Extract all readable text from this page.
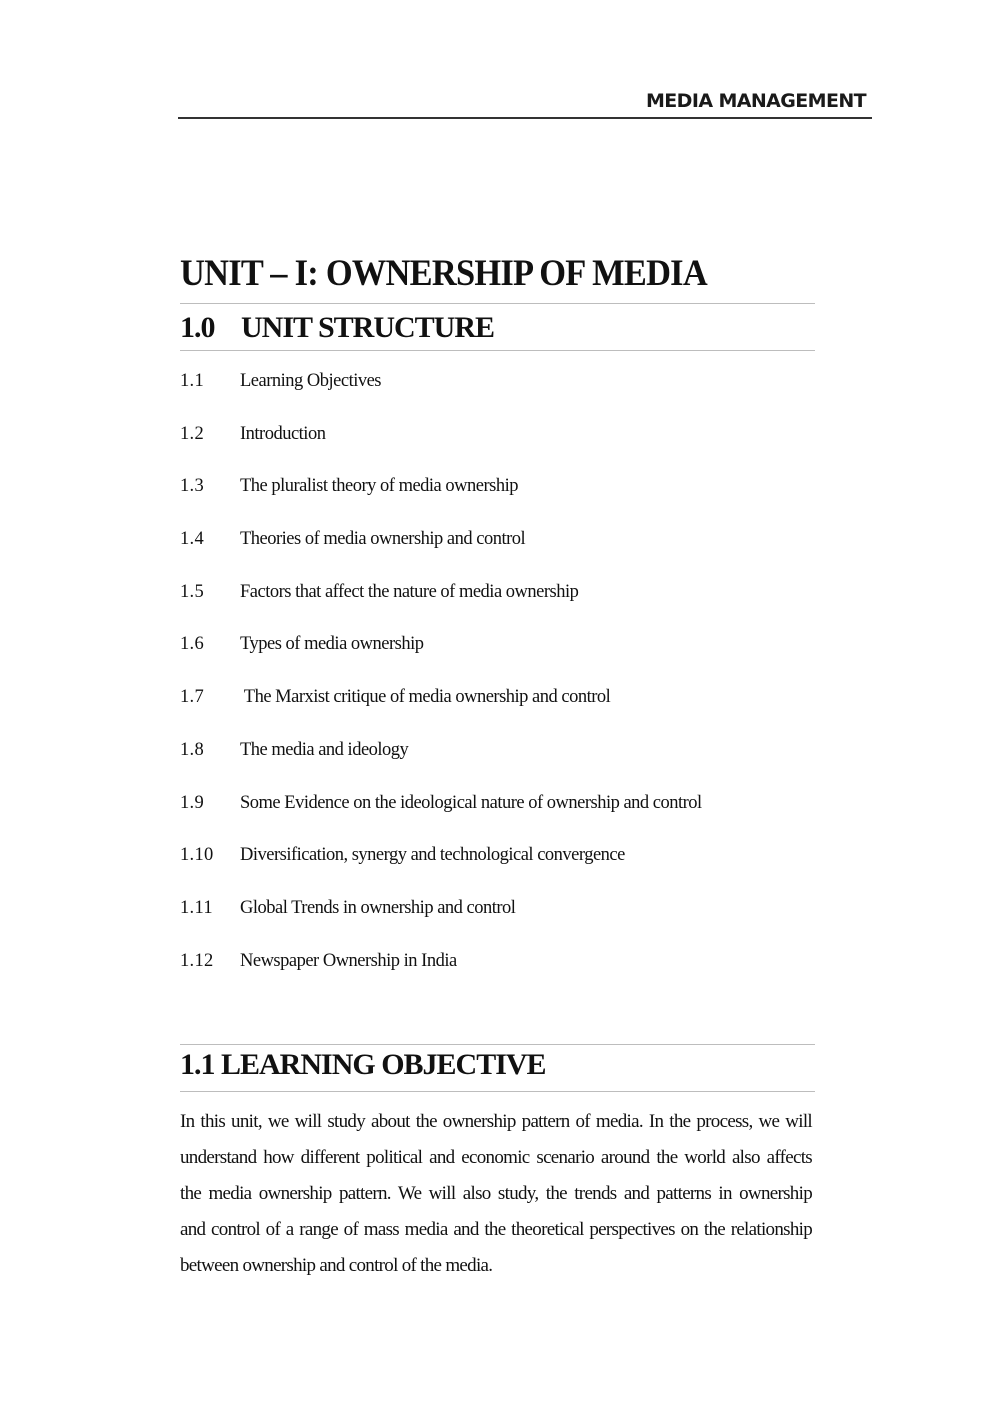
MEDIA MANAGEMENT
UNIT – I: OWNERSHIP OF MEDIA
1.0 UNIT STRUCTURE
1.1 Learning Objectives
1.2 Introduction
1.3 The pluralist theory of media ownership
1.4 Theories of media ownership and control
1.5 Factors that affect the nature of media ownership
1.6 Types of media ownership
1.7 The Marxist critique of media ownership and control
1.8 The media and ideology
1.9 Some Evidence on the ideological nature of ownership and control
1.10 Diversification, synergy and technological convergence
1.11 Global Trends in ownership and control
1.12 Newspaper Ownership in India
1.1 LEARNING OBJECTIVE
In this unit, we will study about the ownership pattern of media. In the process, we will
understand how different political and economic scenario around the world also affects
the media ownership pattern. We will also study, the trends and patterns in ownership
and control of a range of mass media and the theoretical perspectives on the relationship
between ownership and control of the media.
